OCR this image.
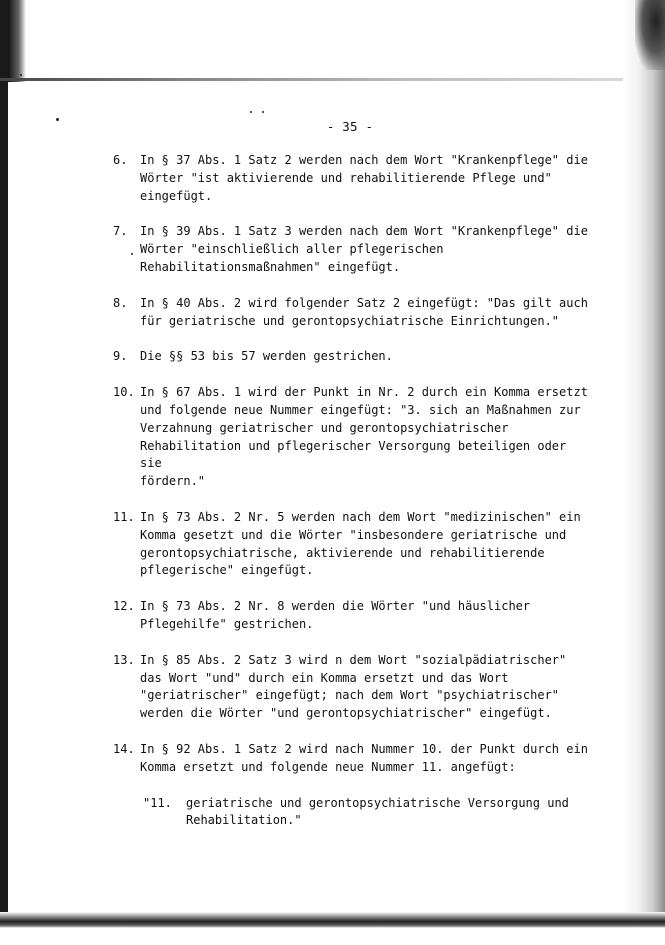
- 35 -
6.	In § 37 Abs. 1 Satz 2 werden nach dem Wort "Krankenpflege" die
Wörter "ist aktivierende und rehabilitierende Pflege und"
eingefügt.
7.	In § 39 Abs. 1 Satz 3 werden nach dem Wort "Krankenpflege" die
Wörter "einschließlich aller pflegerischen
Rehabilitationsmaßnahmen" eingefügt.
8.	In § 40 Abs. 2 wird folgender Satz 2 eingefügt: "Das gilt auch
für geriatrische und gerontopsychiatrische Einrichtungen."
9.	Die §§ 53 bis 57 werden gestrichen.
10. In § 67 Abs. 1 wird der Punkt in Nr. 2 durch ein Komma ersetzt
und folgende neue Nummer eingefügt: "3. sich an Maßnahmen zur
Verzahnung geriatrischer und gerontopsychiatrischer
Rehabilitation und pflegerischer Versorgung beteiligen oder sie
fördern."
11. In § 73 Abs. 2 Nr. 5 werden nach dem Wort "medizinischen" ein
Komma gesetzt und die Wörter "insbesondere geriatrische und
gerontopsychiatrische, aktivierende und rehabilitierende
pflegerische" eingefügt.
12. In § 73 Abs. 2 Nr. 8 werden die Wörter "und häuslicher
Pflegehilfe" gestrichen.
13. In § 85 Abs. 2 Satz 3 wird n dem Wort "sozialpädiatrischer"
das Wort "und" durch ein Komma ersetzt und das Wort
"geriatrischer" eingefügt; nach dem Wort "psychiatrischer"
werden die Wörter "und gerontopsychiatrischer" eingefügt.
14. In § 92 Abs. 1 Satz 2 wird nach Nummer 10. der Punkt durch ein
Komma ersetzt und folgende neue Nummer 11. angefügt:
"11.	geriatrische und gerontopsychiatrische Versorgung und
Rehabilitation."
